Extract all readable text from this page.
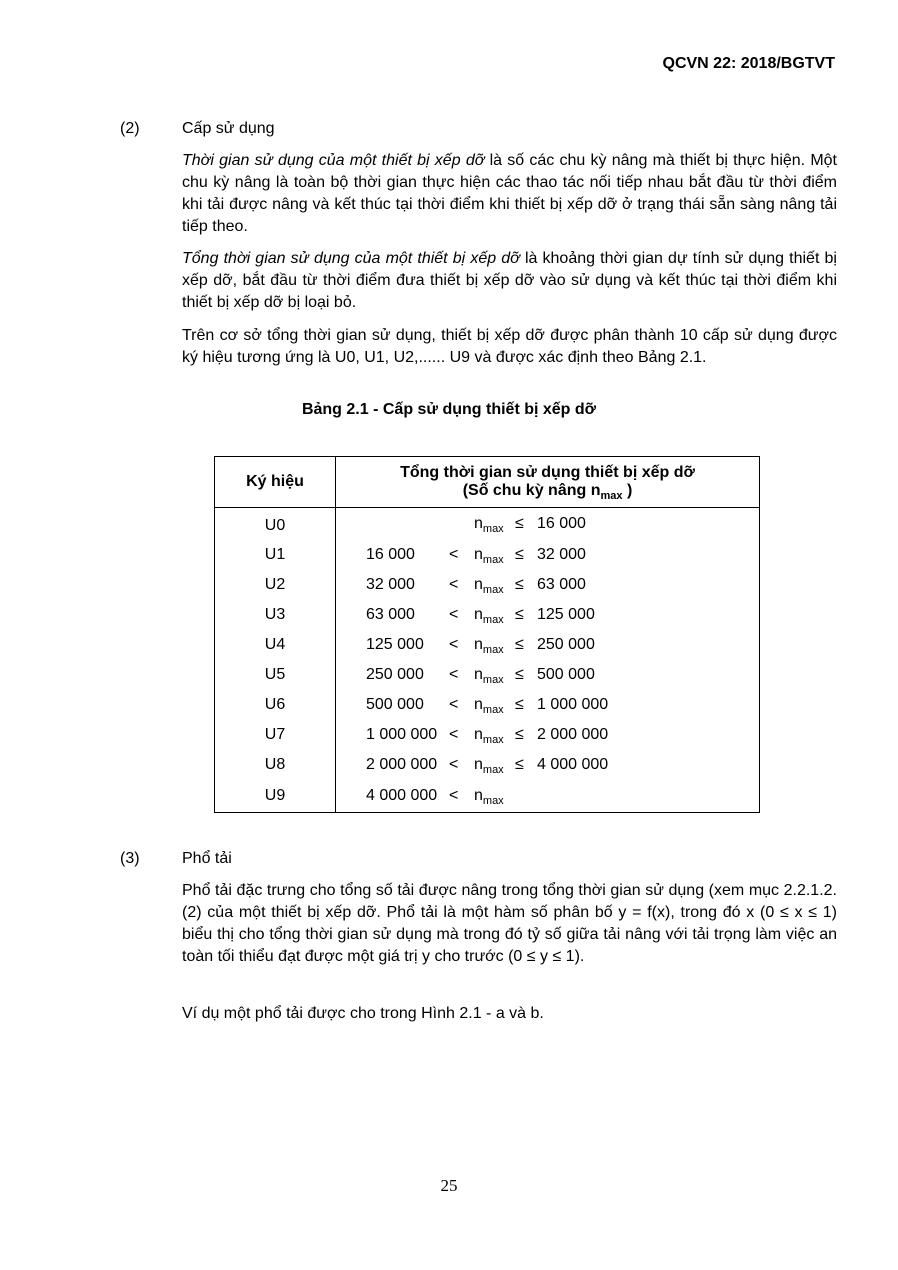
QCVN 22: 2018/BGTVT
(2)	Cấp sử dụng

Thời gian sử dụng của một thiết bị xếp dỡ là số các chu kỳ nâng mà thiết bị thực hiện. Một chu kỳ nâng là toàn bộ thời gian thực hiện các thao tác nối tiếp nhau bắt đầu từ thời điểm khi tải được nâng và kết thúc tại thời điểm khi thiết bị xếp dỡ ở trạng thái sẵn sàng nâng tải tiếp theo.

Tổng thời gian sử dụng của một thiết bị xếp dỡ là khoảng thời gian dự tính sử dụng thiết bị xếp dỡ, bắt đầu từ thời điểm đưa thiết bị xếp dỡ vào sử dụng và kết thúc tại thời điểm khi thiết bị xếp dỡ bị loại bỏ.

Trên cơ sở tổng thời gian sử dụng, thiết bị xếp dỡ được phân thành 10 cấp sử dụng được ký hiệu tương ứng là U0, U1, U2,...... U9 và được xác định theo Bảng 2.1.

Bảng 2.1 - Cấp sử dụng thiết bị xếp dỡ
Ký hiệu	Tổng thời gian sử dụng thiết bị xếp dỡ
(Số chu kỳ nâng $n_{max}$ )

U0	$n_{max} \le 16$ 000

U1	16 $000 < n_{max} \le 32$ 000

U2	32 $000 < n_{max} \le 63$ 000

U3	63 $000 < n_{max} \le 125$ 000

U4	125 $000 < n_{max} \le 250$ 000

U5	250 $000 < n_{max} \le 500$ 000

U6	500 $000 < n_{max} \le 1$ 000 000

U7	1 000 $000 < n_{max} \le 2$ 000 000

U8	2 000 $000 < n_{max} \le 4$ 000 000

U9	4 000 $000 < n_{max}$
(3)	Phổ tải

Phổ tải đặc trưng cho tổng số tải được nâng trong tổng thời gian sử dụng (xem mục 2.2.1.2.(2) của một thiết bị xếp dỡ. Phổ tải là một hàm số phân bố y = f(x), trong đó x (0 ≤ x ≤ 1) biểu thị cho tổng thời gian sử dụng mà trong đó tỷ số giữa tải nâng với tải trọng làm việc an toàn tối thiểu đạt được một giá trị y cho trước (0 ≤ y ≤ 1).

Ví dụ một phổ tải được cho trong Hình 2.1 - a và b.

25
